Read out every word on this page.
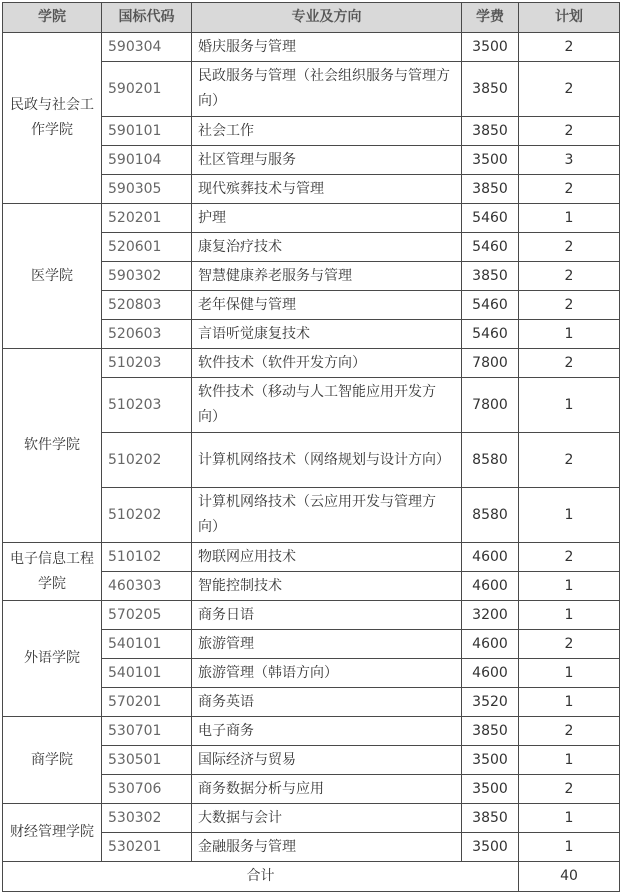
学院	国标代码	专业及方向	学费	计划
民政与社会工作学院	590304	婚庆服务与管理	3500	2
	590201	民政服务与管理（社会组织服务与管理方向）	3850	2
	590101	社会工作	3850	2
	590104	社区管理与服务	3500	3
	590305	现代殡葬技术与管理	3850	2
医学院	520201	护理	5460	1
	520601	康复治疗技术	5460	2
	590302	智慧健康养老服务与管理	3850	2
	520803	老年保健与管理	5460	2
	520603	言语听觉康复技术	5460	1
软件学院	510203	软件技术（软件开发方向）	7800	2
	510203	软件技术（移动与人工智能应用开发方向）	7800	1
	510202	计算机网络技术（网络规划与设计方向）	8580	2
	510202	计算机网络技术（云应用开发与管理方向）	8580	1
电子信息工程学院	510102	物联网应用技术	4600	2
	460303	智能控制技术	4600	1
外语学院	570205	商务日语	3200	1
	540101	旅游管理	4600	2
	540101	旅游管理（韩语方向）	4600	1
	570201	商务英语	3520	1
商学院	530701	电子商务	3850	2
	530501	国际经济与贸易	3500	1
	530706	商务数据分析与应用	3500	2
财经管理学院	530302	大数据与会计	3850	1
	530201	金融服务与管理	3500	1
合计				40
